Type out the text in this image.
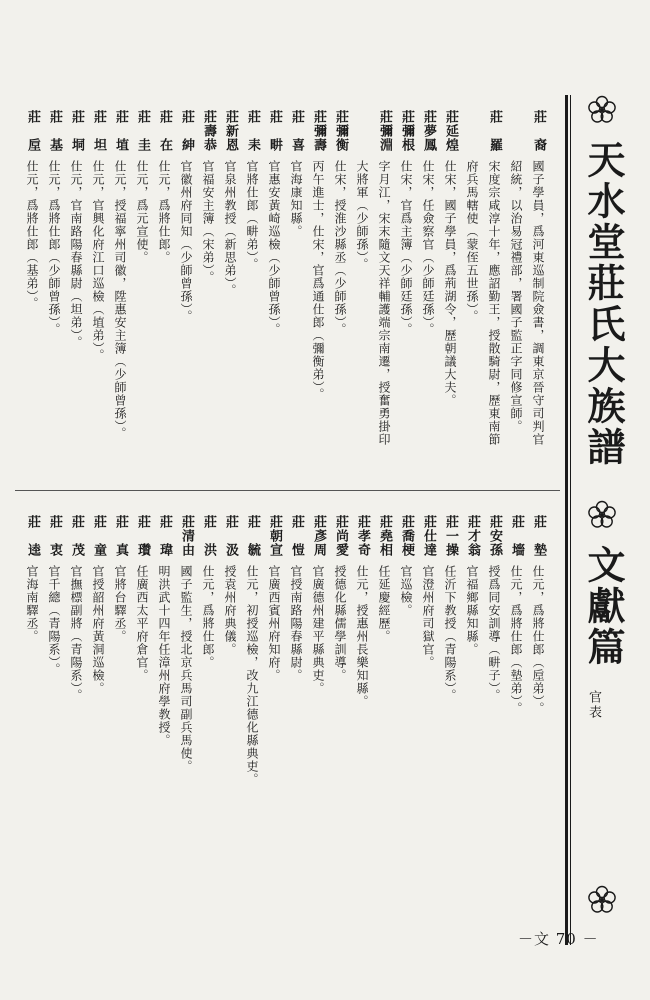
天水堂莊氏大族譜
文獻篇
官表
莊　裔國子學員，爲河東巡制院僉書，調東京晉守司判官
紹統，以治易冠禮部，署國子監正字同修宣師。
莊　羅宋度宗咸淳十年，應詔勤王，授散騎尉，歷東南節
府兵馬轄使（蒙侄五世孫）。
莊延煌仕宋，國子學員，爲荊湖令，歷朝議大夫。
莊夢鳳仕宋，任僉察官（少師廷孫）。
莊彌根仕宋，官爲主簿（少師廷孫）。
莊彌淵字月江，宋末隨文天祥輔護端宗南遷，授奮勇掛印
大將軍（少師孫）。
莊彌衡仕宋，授淮沙縣丞（少師孫）。
莊彌壽丙午進士，仕宋，官爲通仕郎（彌衡弟）。
莊　喜官海康知縣。
莊　畊官惠安黃崎巡檢（少師曾孫）。
莊　耒官將仕郎（畊弟）。
莊新恩官泉州教授（新思弟）。
莊壽恭官福安主簿（宋弟）。
莊　紳官徽州府同知（少師曾孫）。
莊　在仕元，爲將仕郎。
莊　圭仕元，爲元宣使。
莊　埴仕元，授福寧州司徽，陞惠安主簿（少師曾孫）。
莊　坦仕元，官興化府江口巡檢（埴弟）。
莊　垌仕元，官南路陽春縣尉（坦弟）。
莊　基仕元，爲將仕郎（少師曾孫）。
莊　垕仕元，爲將仕郎（基弟）。
莊　墊仕元，爲將仕郎（垕弟）。
莊　墻仕元，爲將仕郎（墊弟）。
莊安孫授爲同安訓導（畊子）。
莊才翁官福鄉縣知縣。
莊一操任沂下教授（青陽系）。
莊仕達官澄州府司獄官。
莊喬梗官巡檢。
莊堯相任延慶經歷。
莊孝奇仕元，授惠州長樂知縣。
莊尚愛授德化縣儒學訓導。
莊彥周官廣德州建平縣典吏。
莊　愷官授南路陽春縣尉。
莊朝宣官廣西賓州府知府。
莊　毓仕元，初授巡檢，改九江德化縣典吏。
莊　汲授袁州府典儀。
莊　洪仕元，爲將仕郎。
莊清由國子監生，授北京兵馬司副兵馬使。
莊　瑋明洪武十四年任漳州府學教授。
莊　瓚任廣西太平府倉官。
莊　真官將台驛丞。
莊　童官授韶州府黃洞巡檢。
莊　茂官撫標副將（青陽系）。
莊　衷官千總（青陽系）。
莊　逵官海南驛丞。
－文 70 －
